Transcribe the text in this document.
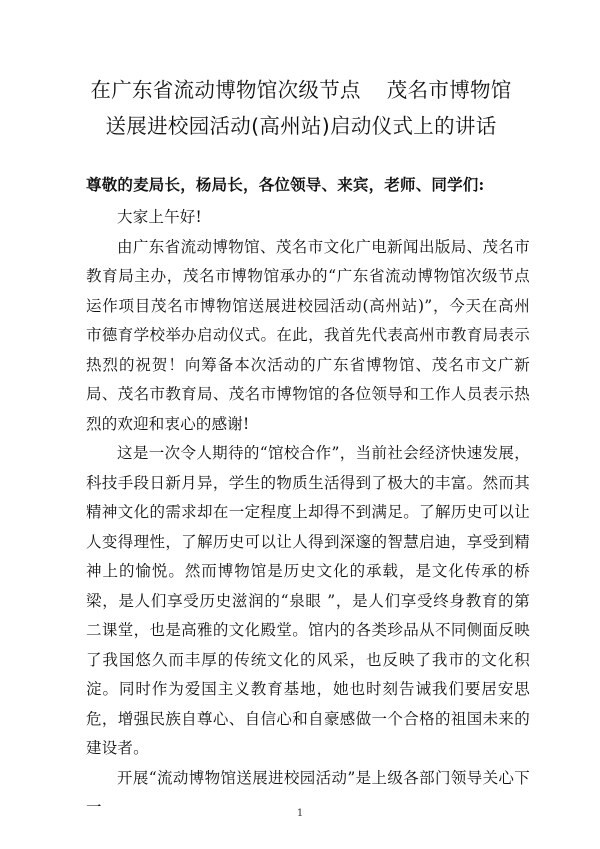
在广东省流动博物馆次级节点 茂名市博物馆
送展进校园活动(高州站)启动仪式上的讲话
尊敬的麦局长，杨局长，各位领导、来宾，老师、同学们:

大家上午好!

由广东省流动博物馆、茂名市文化广电新闻出版局、茂名市教育局主办，茂名市博物馆承办的“广东省流动博物馆次级节点运作项目茂名市博物馆送展进校园活动(高州站)”，今天在高州市德育学校举办启动仪式。在此，我首先代表高州市教育局表示热烈的祝贺！向筹备本次活动的广东省博物馆、茂名市文广新局、茂名市教育局、茂名市博物馆的各位领导和工作人员表示热烈的欢迎和衷心的感谢!

这是一次令人期待的“馆校合作”，当前社会经济快速发展，科技手段日新月异，学生的物质生活得到了极大的丰富。然而其精神文化的需求却在一定程度上却得不到满足。了解历史可以让人变得理性，了解历史可以让人得到深邃的智慧启迪，享受到精神上的愉悦。然而博物馆是历史文化的承载，是文化传承的桥梁，是人们享受历史滋润的“泉眼 ”，是人们享受终身教育的第二课堂，也是高雅的文化殿堂。馆内的各类珍品从不同侧面反映了我国悠久而丰厚的传统文化的风采，也反映了我市的文化积淀。同时作为爱国主义教育基地，她也时刻告诫我们要居安思危，增强民族自尊心、自信心和自豪感做一个合格的祖国未来的建设者。

开展“流动博物馆送展进校园活动”是上级各部门领导关心下一	1
